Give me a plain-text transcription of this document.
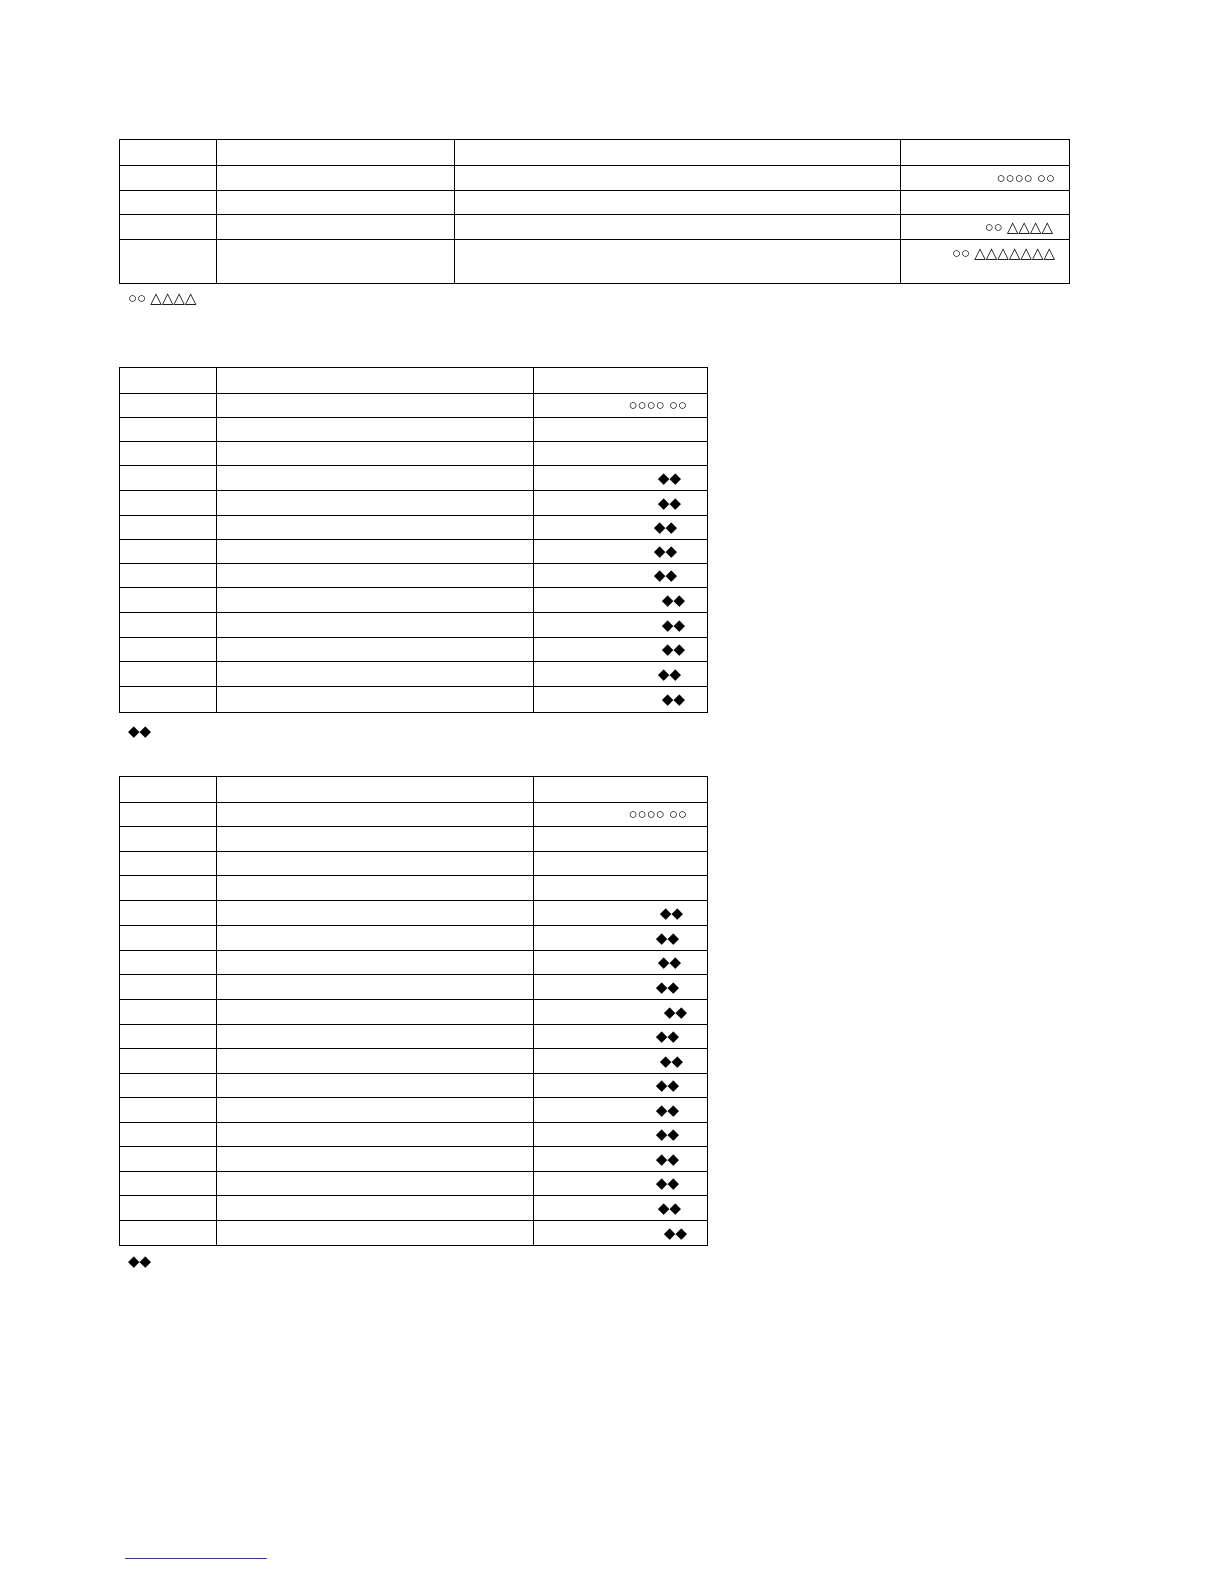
			○○○○ ○○

			○○ △△△△
			○○ △△△△△△△
○○ △△△△

		○○○○ ○○

		◆◆
		◆◆
		◆◆
		◆◆
		◆◆
		◆◆
		◆◆
		◆◆
		◆◆
		◆◆
◆◆

		○○○○ ○○

		◆◆
		◆◆
		◆◆
		◆◆
		◆◆
		◆◆
		◆◆
		◆◆
		◆◆
		◆◆
		◆◆
		◆◆
		◆◆
		◆◆
◆◆
